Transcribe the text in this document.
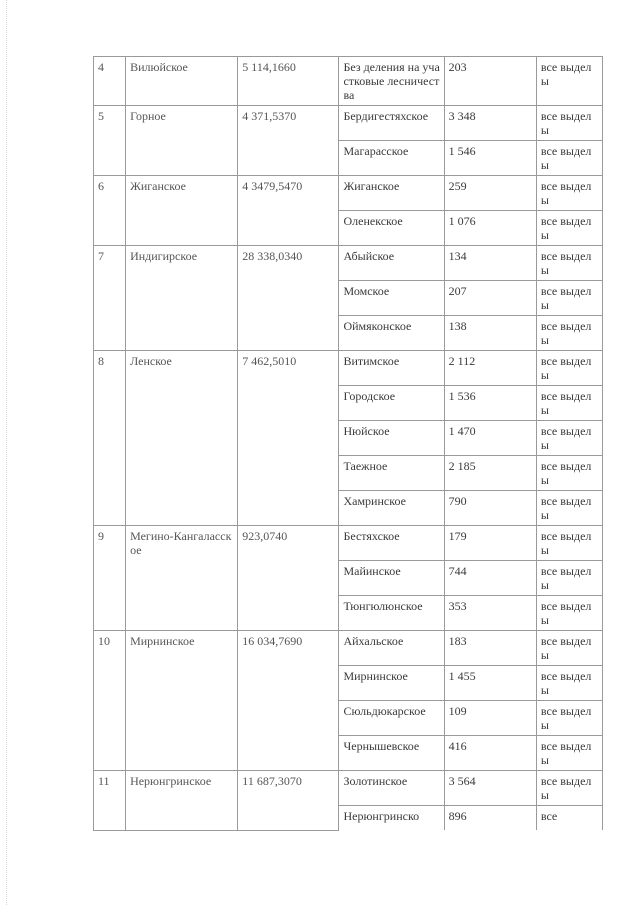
4	Вилюйское	5 114,1660	Без деления на участковые лесничества	203	все выделы
5	Горное	4 371,5370	Бердигестяхское	3 348	все выделы
			Магарасское	1 546	все выделы
6	Жиганское	4 3479,5470	Жиганское	259	все выделы
			Оленекское	1 076	все выделы
7	Индигирское	28 338,0340	Абыйское	134	все выделы
			Момское	207	все выделы
			Оймяконское	138	все выделы
8	Ленское	7 462,5010	Витимское	2 112	все выделы
			Городское	1 536	все выделы
			Нюйское	1 470	все выделы
			Таежное	2 185	все выделы
			Хамринское	790	все выделы
9	Мегино-Кангаласское	923,0740	Бестяхское	179	все выделы
			Майинское	744	все выделы
			Тюнгюлюнское	353	все выделы
10	Мирнинское	16 034,7690	Айхальское	183	все выделы
			Мирнинское	1 455	все выделы
			Сюльдюкарское	109	все выделы
			Чернышевское	416	все выделы
11	Нерюнгринское	11 687,3070	Золотинское	3 564	все выделы
			Нерюнгринско	896	все
